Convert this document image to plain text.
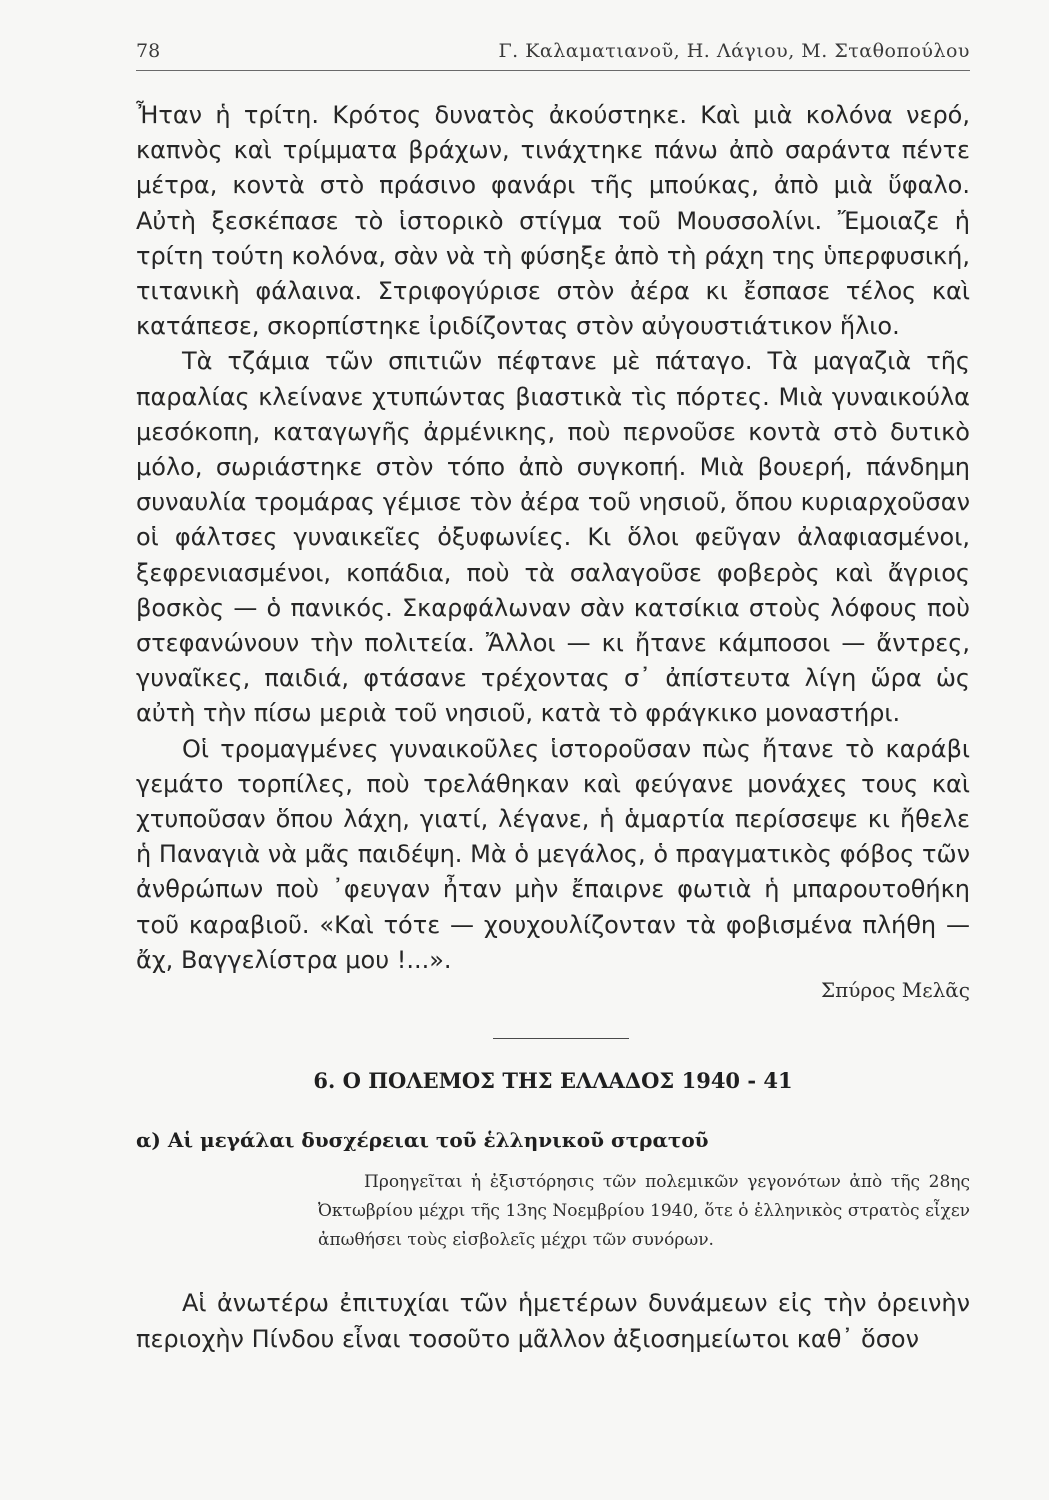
78	Γ. Καλαματιανοῦ, Η. Λάγιου, Μ. Σταθοπούλου

Ἦταν ἡ τρίτη. Κρότος δυνατὸς ἀκούστηκε. Καὶ μιὰ κολόνα νερό, καπνὸς καὶ τρίμματα βράχων, τινάχτηκε πάνω ἀπὸ σαράντα πέντε μέτρα, κοντὰ στὸ πράσινο φανάρι τῆς μπούκας, ἀπὸ μιὰ ὕφαλο. Αὐτὴ ξεσκέπασε τὸ ἱστορικὸ στίγμα τοῦ Μουσσολίνι. Ἔμοιαζε ἡ τρίτη τούτη κολόνα, σὰν νὰ τὴ φύσηξε ἀπὸ τὴ ράχη της ὑπερφυσική, τιτανικὴ φάλαινα. Στριφογύρισε στὸν ἀέρα κι ἔσπασε τέλος καὶ κατάπεσε, σκορπίστηκε ἰριδίζοντας στὸν αὐγουστιάτικον ἥλιο.

Τὰ τζάμια τῶν σπιτιῶν πέφτανε μὲ πάταγο. Τὰ μαγαζιὰ τῆς παραλίας κλείνανε χτυπώντας βιαστικὰ τὶς πόρτες. Μιὰ γυναικούλα μεσόκοπη, καταγωγῆς ἀρμένικης, ποὺ περνοῦσε κοντὰ στὸ δυτικὸ μόλο, σωριάστηκε στὸν τόπο ἀπὸ συγκοπή. Μιὰ βουερή, πάνδημη συναυλία τρομάρας γέμισε τὸν ἀέρα τοῦ νησιοῦ, ὅπου κυριαρχοῦσαν οἱ φάλτσες γυναικεῖες ὀξυφωνίες. Κι ὅλοι φεῦγαν ἀλαφιασμένοι, ξεφρενιασμένοι, κοπάδια, ποὺ τὰ σαλαγοῦσε φοβερὸς καὶ ἄγριος βοσκὸς — ὁ πανικός. Σκαρφάλωναν σὰν κατσίκια στοὺς λόφους ποὺ στεφανώνουν τὴν πολιτεία. Ἄλλοι — κι ἤτανε κάμποσοι — ἄντρες, γυναῖκες, παιδιά, φτάσανε τρέχοντας σ᾽ ἀπίστευτα λίγη ὥρα ὡς αὐτὴ τὴν πίσω μεριὰ τοῦ νησιοῦ, κατὰ τὸ φράγκικο μοναστήρι.

Οἱ τρομαγμένες γυναικοῦλες ἱστοροῦσαν πὼς ἤτανε τὸ καράβι γεμάτο τορπίλες, ποὺ τρελάθηκαν καὶ φεύγανε μονάχες τους καὶ χτυποῦσαν ὅπου λάχη, γιατί, λέγανε, ἡ ἁμαρτία περίσσεψε κι ἤθελε ἡ Παναγιὰ νὰ μᾶς παιδέψη. Μὰ ὁ μεγάλος, ὁ πραγματικὸς φόβος τῶν ἀνθρώπων ποὺ ᾽φευγαν ἦταν μὴν ἔπαιρνε φωτιὰ ἡ μπαρουτοθήκη τοῦ καραβιοῦ. «Καὶ τότε — χουχουλίζονταν τὰ φοβισμένα πλήθη — ἄχ, Βαγγελίστρα μου !...».

Σπύρος Μελᾶς
6. Ο ΠΟΛΕΜΟΣ ΤΗΣ ΕΛΛΑΔΟΣ 1940 - 41
α) Αἱ μεγάλαι δυσχέρειαι τοῦ ἑλληνικοῦ στρατοῦ
Προηγεῖται ἡ ἐξιστόρησις τῶν πολεμικῶν γεγονότων ἀπὸ τῆς 28ης Ὀκτωβρίου μέχρι τῆς 13ης Νοεμβρίου 1940, ὅτε ὁ ἑλληνικὸς στρατὸς εἶχεν ἀπωθήσει τοὺς εἰσβολεῖς μέχρι τῶν συνόρων.
Αἱ ἀνωτέρω ἐπιτυχίαι τῶν ἡμετέρων δυνάμεων εἰς τὴν ὀρεινὴν περιοχὴν Πίνδου εἶναι τοσοῦτο μᾶλλον ἀξιοσημείωτοι καθ᾽ ὅσον
